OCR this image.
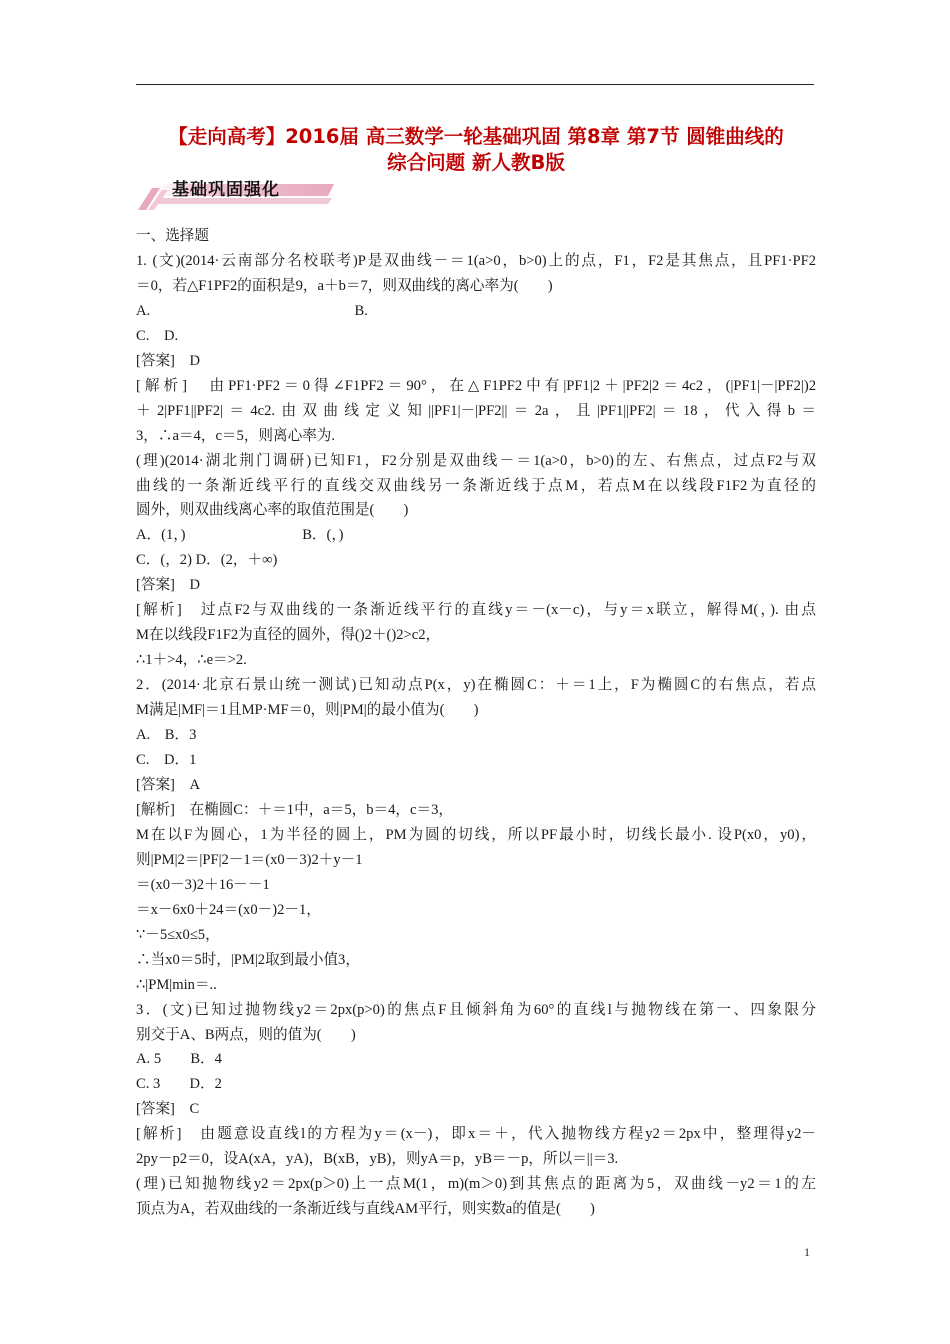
【走向高考】2016届 高三数学一轮基础巩固 第8章 第7节 圆锥曲线的
综合问题 新人教B版
基础巩固强化

一、选择题

1. (文)(2014·云南部分名校联考)P是双曲线－＝1(a>0，b>0)上的点，F1，F2是其焦点，且PF1·PF2

＝0，若△F1PF2的面积是9，a＋b＝7，则双曲线的离心率为(　　)

A.　　　　　　　　　　　　　　B.

C.　D.

[答案]　D

[解析]　由PF1·PF2＝0得∠F1PF2＝90°，在△F1PF2中有|PF1|2＋|PF2|2＝4c2，(|PF1|－|PF2|)2

＋2|PF1||PF2|＝4c2.由双曲线定义知||PF1|－|PF2||＝2a，且|PF1||PF2|＝18，代入得b＝

3，∴a＝4，c＝5，则离心率为.

(理)(2014·湖北荆门调研)已知F1，F2分别是双曲线－＝1(a>0，b>0)的左、右焦点，过点F2与双

曲线的一条渐近线平行的直线交双曲线另一条渐近线于点M，若点M在以线段F1F2为直径的

圆外，则双曲线离心率的取值范围是(　　)

A．(1，)　　　　　　　　B．(，)

C．(，2) D．(2，＋∞)

[答案]　D

[解析]　过点F2与双曲线的一条渐近线平行的直线y＝－(x－c)，与y＝x联立，解得M(，). 由点

M在以线段F1F2为直径的圆外，得()2＋()2>c2，

∴1＋>4，∴e＝>2.

2．(2014·北京石景山统一测试)已知动点P(x，y)在椭圆C：＋＝1上，F为椭圆C的右焦点，若点

M满足|MF|＝1且MP·MF＝0，则|PM|的最小值为(　　)

A.　B．3

C.　D．1

[答案]　A

[解析]　在椭圆C：＋＝1中，a＝5，b＝4，c＝3，

M在以F为圆心，1为半径的圆上，PM为圆的切线，所以PF最小时，切线长最小. 设P(x0，y0)，

则|PM|2＝|PF|2－1＝(x0－3)2＋y－1

＝(x0－3)2＋16－－1

＝x－6x0＋24＝(x0－)2－1，

∵－5≤x0≤5，

∴当x0＝5时，|PM|2取到最小值3，

∴|PM|min＝..

3．(文)已知过抛物线y2＝2px(p>0)的焦点F且倾斜角为60°的直线l与抛物线在第一、四象限分

别交于A、B两点，则的值为(　　)

A. 5　　B．4

C. 3　　D．2

[答案]　C

[解析]　由题意设直线l的方程为y＝(x－)，即x＝＋，代入抛物线方程y2＝2px中，整理得y2－

2py－p2＝0，设A(xA，yA)，B(xB，yB)，则yA＝p，yB＝－p，所以＝||＝3.

(理)已知抛物线y2＝2px(p＞0)上一点M(1，m)(m＞0)到其焦点的距离为5，双曲线－y2＝1的左

顶点为A，若双曲线的一条渐近线与直线AM平行，则实数a的值是(　　)

1
